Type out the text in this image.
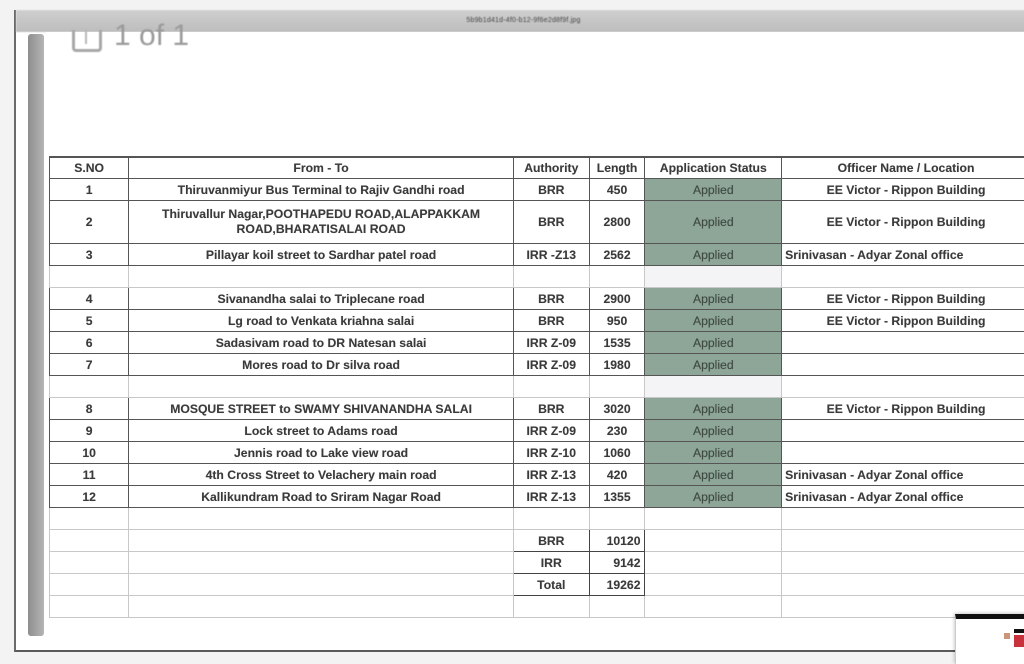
5b9b1d41d-4f0-b12-9f6e2d8f9f.jpg
1 of 1
S.NO	From - To	Authority	Length	Application Status	Officer Name / Location
1	Thiruvanmiyur Bus Terminal to Rajiv Gandhi road	BRR	450	Applied	EE Victor - Rippon Building
2	Thiruvallur Nagar,POOTHAPEDU ROAD,ALAPPAKKAM ROAD,BHARATISALAI ROAD	BRR	2800	Applied	EE Victor - Rippon Building
3	Pillayar koil street to Sardhar patel road	IRR -Z13	2562	Applied	Srinivasan - Adyar Zonal office

4	Sivanandha salai to Triplecane road	BRR	2900	Applied	EE Victor - Rippon Building
5	Lg road to Venkata kriahna salai	BRR	950	Applied	EE Victor - Rippon Building
6	Sadasivam road to DR Natesan salai	IRR Z-09	1535	Applied	
7	Mores road to Dr silva road	IRR Z-09	1980	Applied	

8	MOSQUE STREET to SWAMY SHIVANANDHA SALAI	BRR	3020	Applied	EE Victor - Rippon Building
9	Lock street to Adams road	IRR Z-09	230	Applied	
10	Jennis road to Lake view road	IRR Z-10	1060	Applied	
11	4th Cross Street to Velachery main road	IRR Z-13	420	Applied	Srinivasan - Adyar Zonal office
12	Kallikundram Road to Sriram Nagar Road	IRR Z-13	1355	Applied	Srinivasan - Adyar Zonal office

		BRR	10120		
		IRR	9142		
		Total	19262		
